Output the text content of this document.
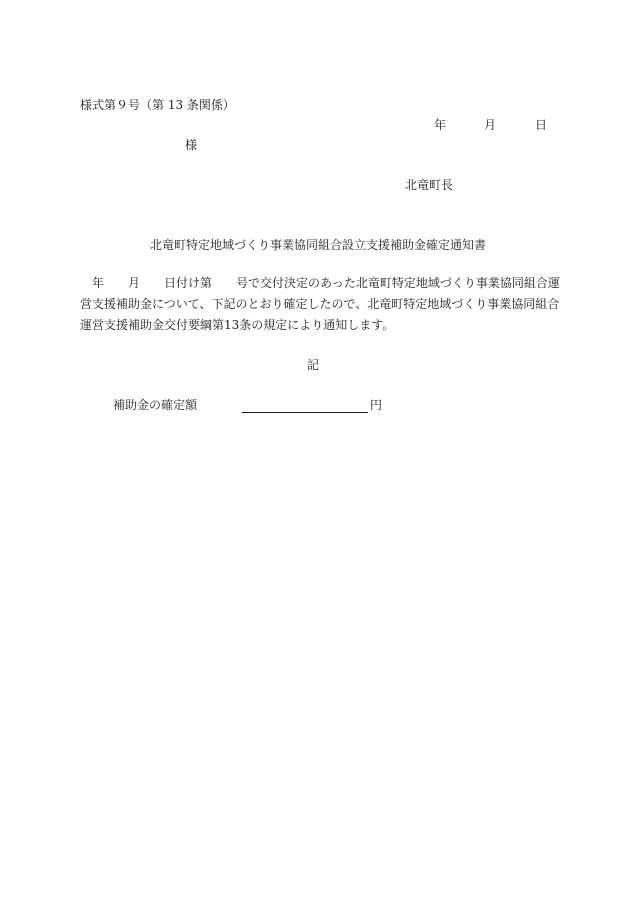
様式第９号（第 13 条関係）
年	月	日
様
北竜町長
北竜町特定地域づくり事業協同組合設立支援補助金確定通知書
　年　　月　　日付け第　　号で交付決定のあった北竜町特定地域づくり事業協同組合運
営支援補助金について、下記のとおり確定したので、北竜町特定地域づくり事業協同組合
運営支援補助金交付要綱第13条の規定により通知します。
記
補助金の確定額	円
